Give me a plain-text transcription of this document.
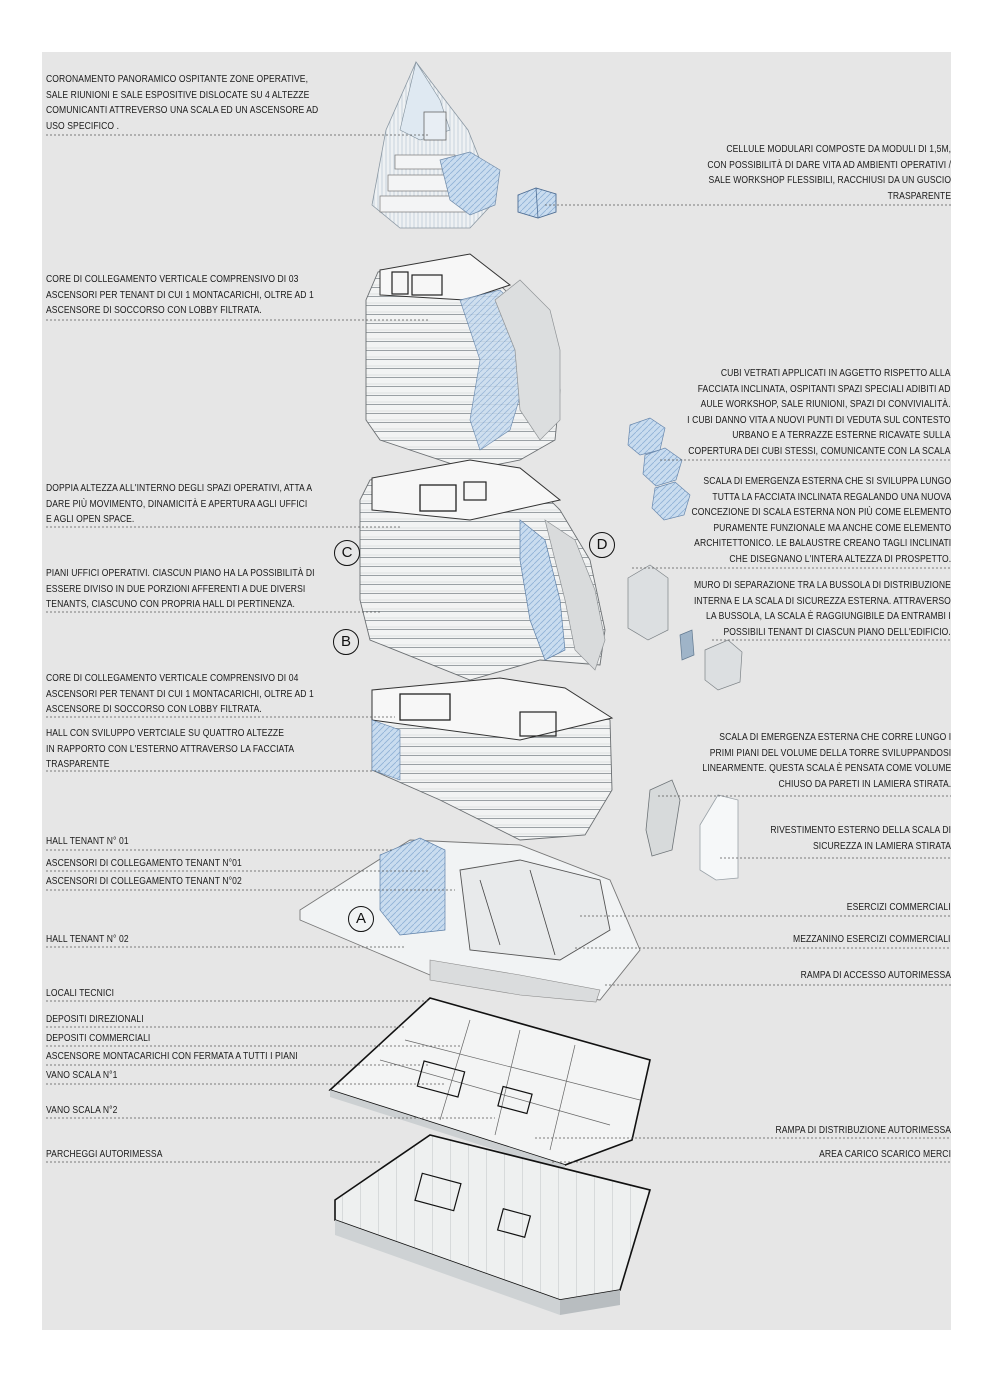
C	D
B
A
CORONAMENTO PANORAMICO OSPITANTE ZONE OPERATIVE,
SALE RIUNIONI E SALE ESPOSITIVE DISLOCATE SU 4 ALTEZZE
COMUNICANTI ATTREVERSO UNA SCALA ED UN ASCENSORE AD
USO SPECIFICO .
CORE DI COLLEGAMENTO VERTICALE COMPRENSIVO DI 03
ASCENSORI PER TENANT DI CUI 1 MONTACARICHI, OLTRE AD 1
ASCENSORE DI SOCCORSO CON LOBBY FILTRATA.
DOPPIA ALTEZZA ALL'INTERNO DEGLI SPAZI OPERATIVI, ATTA A
DARE PIÙ MOVIMENTO, DINAMICITÀ E APERTURA AGLI UFFICI
E AGLI OPEN SPACE.
PIANI UFFICI OPERATIVI. CIASCUN PIANO HA LA POSSIBILITÀ DI
ESSERE DIVISO IN DUE PORZIONI AFFERENTI A DUE DIVERSI
TENANTS, CIASCUNO CON PROPRIA HALL DI PERTINENZA.
CORE DI COLLEGAMENTO VERTICALE COMPRENSIVO DI 04
ASCENSORI PER TENANT DI CUI 1 MONTACARICHI, OLTRE AD 1
ASCENSORE DI SOCCORSO CON LOBBY FILTRATA.
HALL CON SVILUPPO VERTCIALE SU QUATTRO ALTEZZE
IN RAPPORTO CON L'ESTERNO ATTRAVERSO LA FACCIATA
TRASPARENTE
HALL TENANT N° 01
ASCENSORI DI COLLEGAMENTO TENANT N°01
ASCENSORI DI COLLEGAMENTO TENANT N°02
HALL TENANT N° 02
LOCALI TECNICI
DEPOSITI DIREZIONALI
DEPOSITI COMMERCIALI
ASCENSORE MONTACARICHI CON FERMATA A TUTTI I PIANI
VANO SCALA N°1
VANO SCALA N°2
PARCHEGGI AUTORIMESSA
CELLULE MODULARI COMPOSTE DA MODULI DI 1,5M,
CON POSSIBILITÀ DI DARE VITA AD AMBIENTI OPERATIVI /
SALE WORKSHOP FLESSIBILI, RACCHIUSI DA UN GUSCIO
TRASPARENTE
CUBI VETRATI APPLICATI IN AGGETTO RISPETTO ALLA
FACCIATA INCLINATA, OSPITANTI SPAZI SPECIALI ADIBITI AD
AULE WORKSHOP, SALE RIUNIONI, SPAZI DI CONVIVIALITÀ.
I CUBI DANNO VITA A NUOVI PUNTI DI VEDUTA SUL CONTESTO
URBANO E A TERRAZZE ESTERNE RICAVATE SULLA
COPERTURA DEI CUBI STESSI, COMUNICANTE CON LA SCALA
SCALA DI EMERGENZA ESTERNA CHE SI SVILUPPA LUNGO
TUTTA LA FACCIATA INCLINATA REGALANDO UNA NUOVA
CONCEZIONE DI SCALA ESTERNA NON PIÙ COME ELEMENTO
PURAMENTE FUNZIONALE MA ANCHE COME ELEMENTO
ARCHITETTONICO. LE BALAUSTRE CREANO TAGLI INCLINATI
CHE DISEGNANO L'INTERA ALTEZZA DI PROSPETTO.
MURO DI SEPARAZIONE TRA LA BUSSOLA DI DISTRIBUZIONE
INTERNA E LA SCALA DI SICUREZZA ESTERNA. ATTRAVERSO
LA BUSSOLA, LA SCALA È RAGGIUNGIBILE DA ENTRAMBI I
POSSIBILI TENANT DI CIASCUN PIANO DELL'EDIFICIO.
SCALA DI EMERGENZA ESTERNA CHE CORRE LUNGO I
PRIMI PIANI DEL VOLUME DELLA TORRE SVILUPPANDOSI
LINEARMENTE. QUESTA SCALA È PENSATA COME VOLUME
CHIUSO DA PARETI IN LAMIERA STIRATA.
RIVESTIMENTO ESTERNO DELLA SCALA DI
SICUREZZA IN LAMIERA STIRATA
ESERCIZI COMMERCIALI
MEZZANINO ESERCIZI COMMERCIALI
RAMPA DI ACCESSO AUTORIMESSA
RAMPA DI DISTRIBUZIONE AUTORIMESSA
AREA CARICO SCARICO MERCI
